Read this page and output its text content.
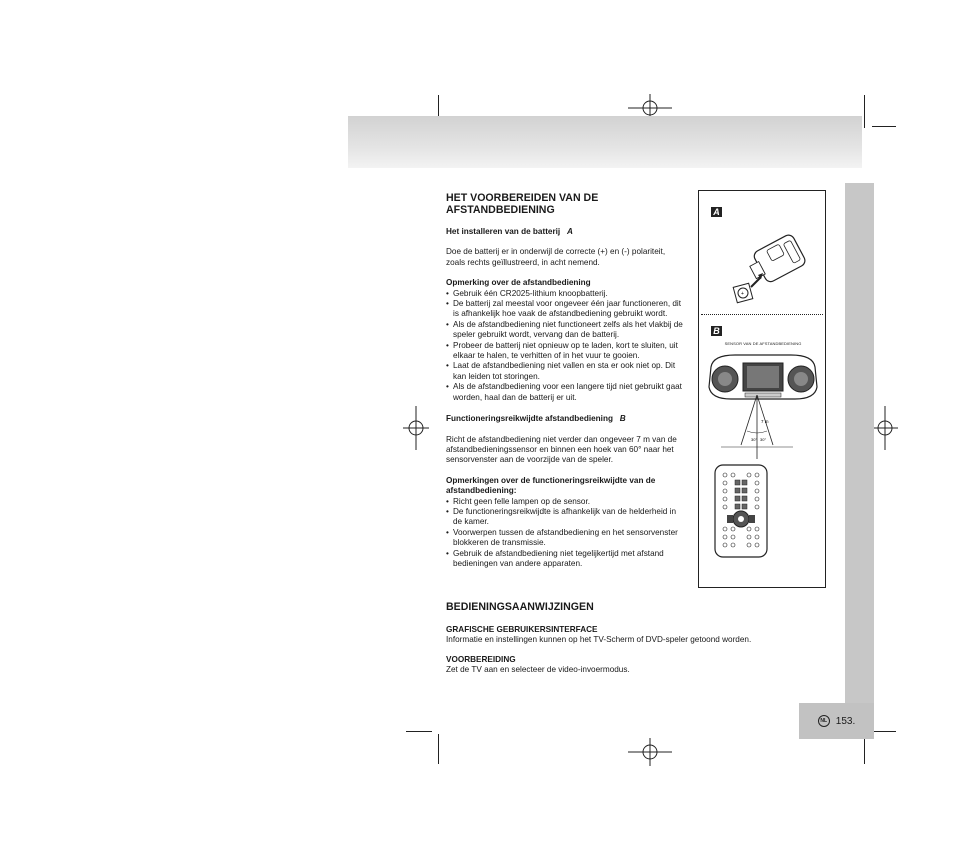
NL 153.

HET VOORBEREIDEN VAN DE

AFSTANDBEDIENING

Het installeren van de batterij A

Doe de batterij er in onderwijl de correcte (+) en (-) polariteit, zoals rechts geïllustreerd, in acht nemend.

Opmerking over de afstandbediening

• Gebruik één CR2025-lithium knoopbatterij.
• De batterij zal meestal voor ongeveer één jaar functioneren, dit is afhankelijk hoe vaak de afstandbediening gebruikt wordt.
• Als de afstandbediening niet functioneert zelfs als het vlakbij de speler gebruikt wordt, vervang dan de batterij.
• Probeer de batterij niet opnieuw op te laden, kort te sluiten, uit elkaar te halen, te verhitten of in het vuur te gooien.
• Laat de afstandbediening niet vallen en sta er ook niet op. Dit kan leiden tot storingen.
• Als de afstandbediening voor een langere tijd niet gebruikt gaat worden, haal dan de batterij er uit.

Functioneringsreikwijdte afstandbediening B

Richt de afstandbediening niet verder dan ongeveer 7 m van de afstandbedieningssensor en binnen een hoek van 60° naar het sensorvenster aan de voorzijde van de speler.

Opmerkingen over de functioneringsreikwijdte van de afstandbediening:

• Richt geen felle lampen op de sensor.
• De functioneringsreikwijdte is afhankelijk van de helderheid in de kamer.
• Voorwerpen tussen de afstandbediening en het sensorvenster blokkeren de transmissie.
• Gebruik de afstandbediening niet tegelijkertijd met afstand bedieningen van andere apparaten.
A
+
B
SENSOR VAN DE AFSTANDBEDIENING
30° 30°
7 m

BEDIENINGSAANWIJZINGEN

GRAFISCHE GEBRUIKERSINTERFACE

Informatie en instellingen kunnen op het TV-Scherm of DVD-speler getoond worden.

VOORBEREIDING

Zet de TV aan en selecteer de video-invoermodus.
